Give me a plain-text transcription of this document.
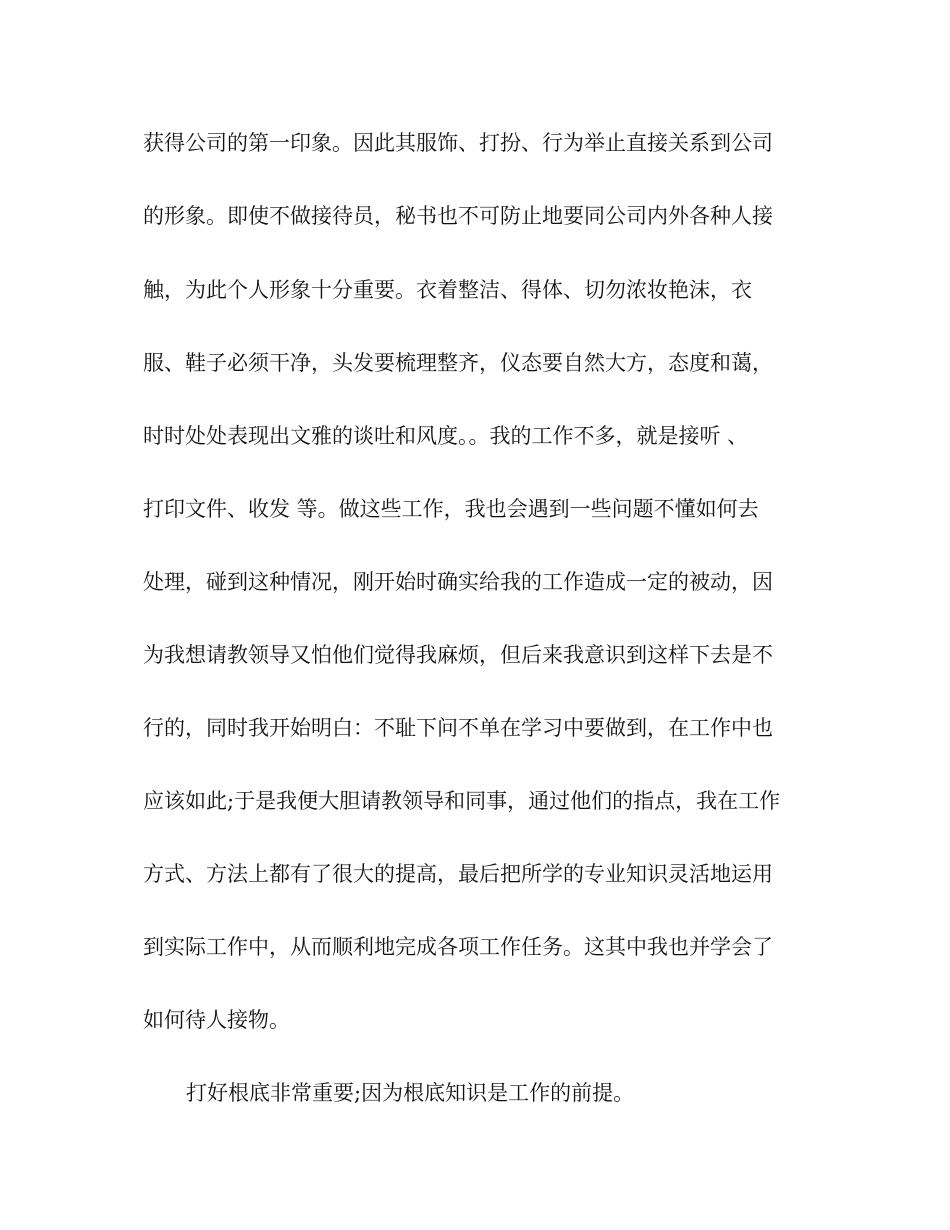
获得公司的第一印象。因此其服饰、打扮、行为举止直接关系到公司
的形象。即使不做接待员，秘书也不可防止地要同公司内外各种人接
触，为此个人形象十分重要。衣着整洁、得体、切勿浓妆艳沫，衣
服、鞋子必须干净，头发要梳理整齐，仪态要自然大方，态度和蔼，
时时处处表现出文雅的谈吐和风度。。我的工作不多，就是接听 、
打印文件、收发 等。做这些工作，我也会遇到一些问题不懂如何去
处理，碰到这种情况，刚开始时确实给我的工作造成一定的被动，因
为我想请教领导又怕他们觉得我麻烦，但后来我意识到这样下去是不
行的，同时我开始明白：不耻下问不单在学习中要做到，在工作中也
应该如此;于是我便大胆请教领导和同事，通过他们的指点，我在工作
方式、方法上都有了很大的提高，最后把所学的专业知识灵活地运用
到实际工作中，从而顺利地完成各项工作任务。这其中我也并学会了
如何待人接物。
打好根底非常重要;因为根底知识是工作的前提。
